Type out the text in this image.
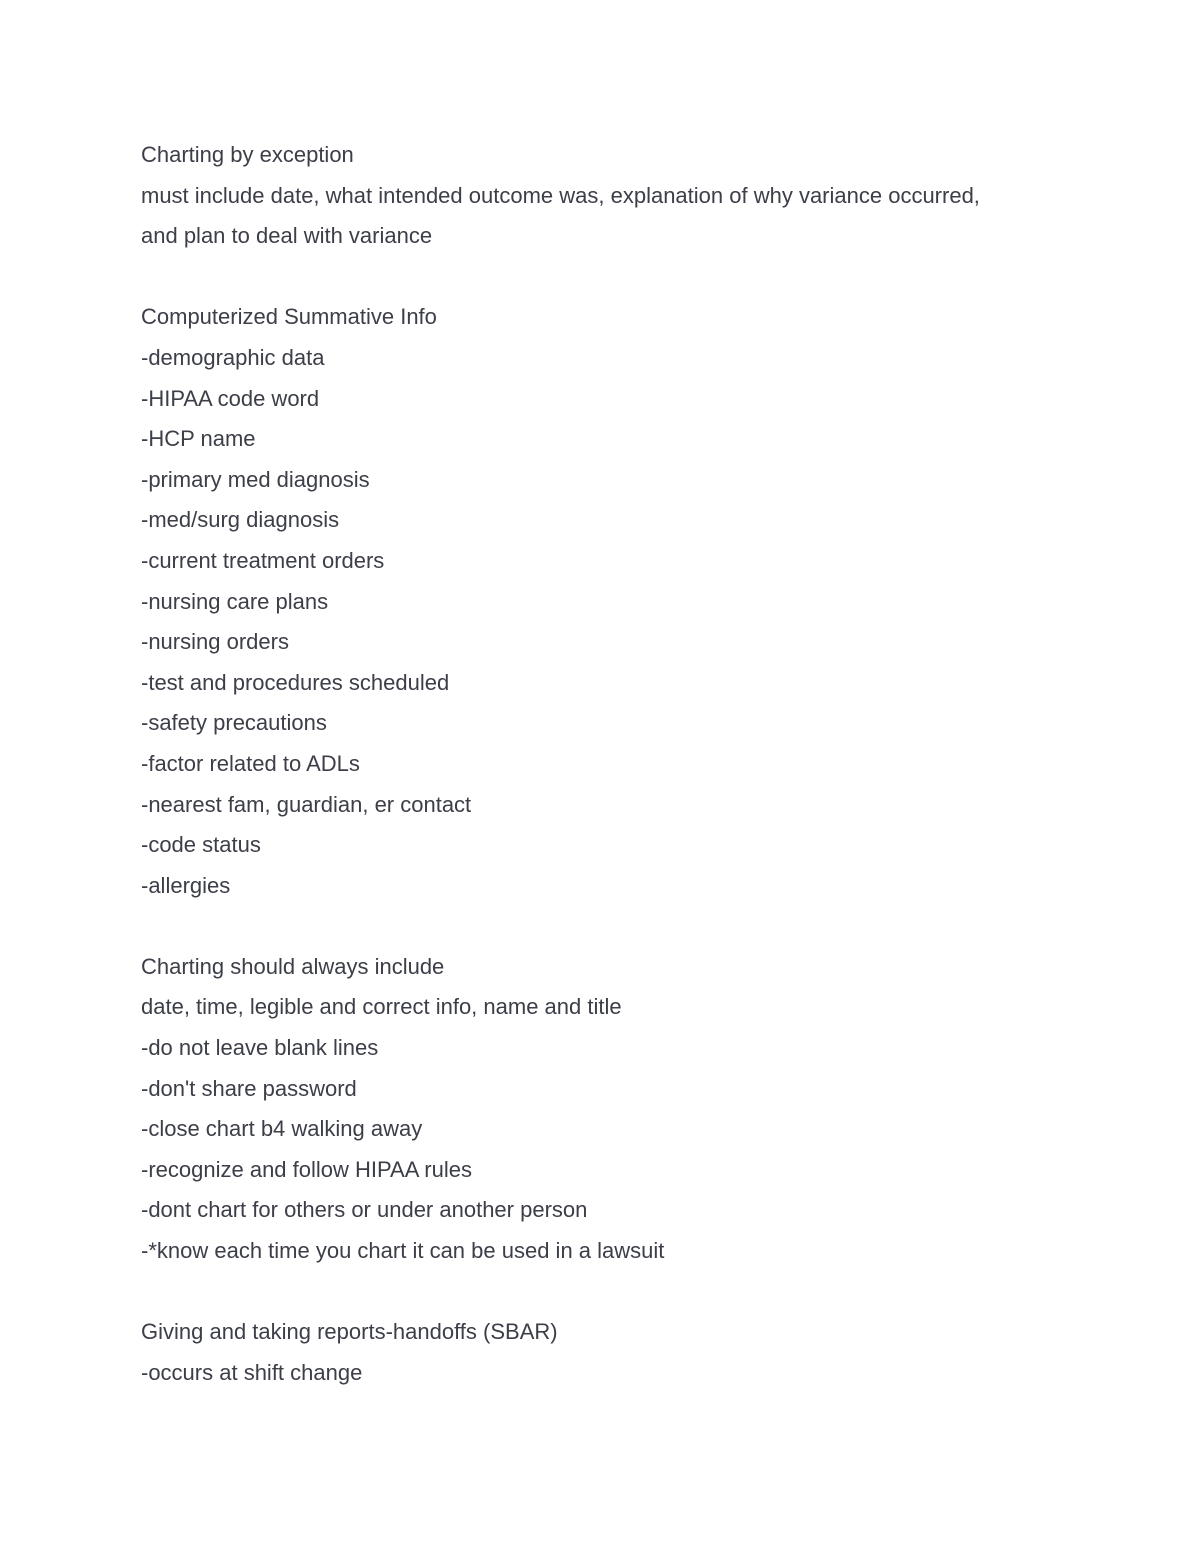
Charting by exception
must include date, what intended outcome was, explanation of why variance occurred,
and plan to deal with variance
Computerized Summative Info
-demographic data
-HIPAA code word
-HCP name
-primary med diagnosis
-med/surg diagnosis
-current treatment orders
-nursing care plans
-nursing orders
-test and procedures scheduled
-safety precautions
-factor related to ADLs
-nearest fam, guardian, er contact
-code status
-allergies
Charting should always include
date, time, legible and correct info, name and title
-do not leave blank lines
-don't share password
-close chart b4 walking away
-recognize and follow HIPAA rules
-dont chart for others or under another person
-*know each time you chart it can be used in a lawsuit
Giving and taking reports-handoffs (SBAR)
-occurs at shift change
